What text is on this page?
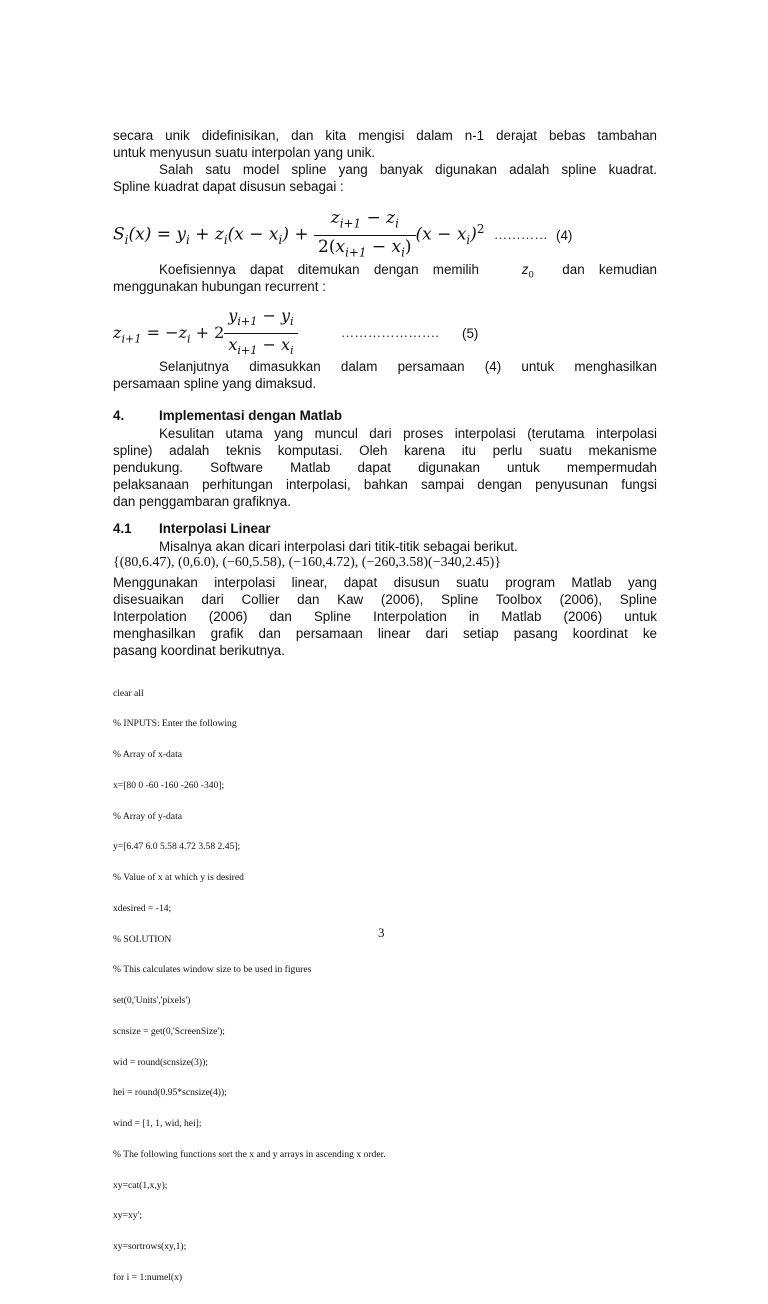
secara unik didefinisikan, dan kita mengisi dalam n-1 derajat bebas tambahan
untuk menyusun suatu interpolan yang unik.
Salah satu model spline yang banyak digunakan adalah spline kuadrat.
Spline kuadrat dapat disusun sebagai :
$S_i(x) = y_i + z_i(x - x_i) + \frac{z_{i+1} - z_i}{2(x_{i+1} - x_i)} (x - x_i)^2$ ………… (4)
Koefisiennya dapat ditemukan dengan memilih   $z_0$  dan kemudian
menggunakan hubungan recurrent :
$z_{i+1} = -z_i + 2 \frac{y_{i+1} - y_i}{x_{i+1} - x_i}$	…………………. (5)
Selanjutnya dimasukkan dalam persamaan (4) untuk menghasilkan
persamaan spline yang dimaksud.
4.	Implementasi dengan Matlab
Kesulitan utama yang muncul dari proses interpolasi (terutama interpolasi
spline) adalah teknis komputasi. Oleh karena itu perlu suatu mekanisme
pendukung. Software Matlab dapat digunakan untuk mempermudah
pelaksanaan perhitungan interpolasi, bahkan sampai dengan penyusunan fungsi
dan penggambaran grafiknya.
4.1 Interpolasi Linear
Misalnya akan dicari interpolasi dari titik-titik sebagai berikut.
{(80,6.47), (0,6.0), (−60,5.58), (−160,4.72), (−260,3.58)(−340,2.45)}
Menggunakan interpolasi linear, dapat disusun suatu program Matlab yang
disesuaikan dari Collier dan Kaw (2006), Spline Toolbox (2006), Spline
Interpolation (2006) dan Spline Interpolation in Matlab (2006) untuk
menghasilkan grafik dan persamaan linear dari setiap pasang koordinat ke
pasang koordinat berikutnya.

clear all

% INPUTS: Enter the following

% Array of x-data

x=[80 0 -60 -160 -260 -340];

% Array of y-data

y=[6.47 6.0 5.58 4.72 3.58 2.45];

% Value of x at which y is desired

xdesired = -14;

% SOLUTION

% This calculates window size to be used in figures

set(0,'Units','pixels')

scnsize = get(0,'ScreenSize');

wid = round(scnsize(3));

hei = round(0.95*scnsize(4));

wind = [1, 1, wid, hei];

% The following functions sort the x and y arrays in ascending x order.

xy=cat(1,x,y);

xy=xy';

xy=sortrows(xy,1);

for i = 1:numel(x)

3
